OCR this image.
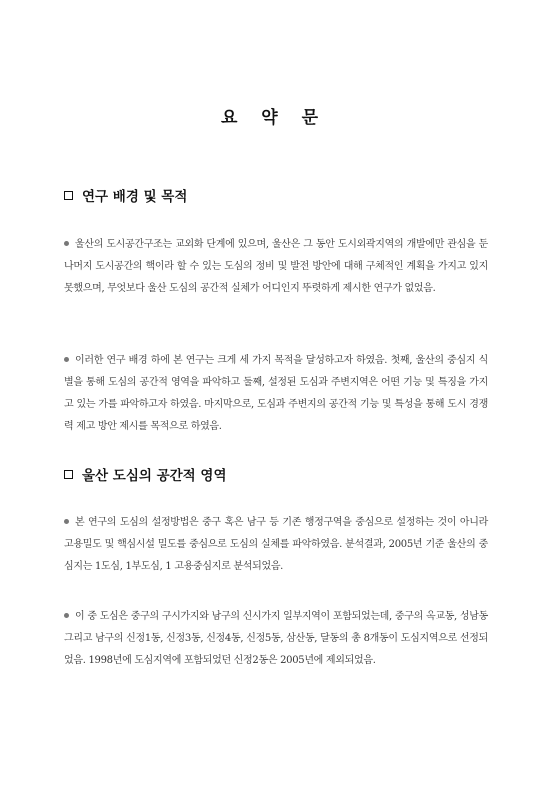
요 약 문
연구 배경 및 목적
울산의 도시공간구조는 교외화 단계에 있으며, 울산은 그 동안 도시외곽지역의 개발에만 관심을 둔 나머지 도시공간의 핵이라 할 수 있는 도심의 정비 및 발전 방안에 대해 구체적인 계획을 가지고 있지 못했으며, 무엇보다 울산 도심의 공간적 실체가 어디인지 뚜렷하게 제시한 연구가 없었음.
이러한 연구 배경 하에 본 연구는 크게 세 가지 목적을 달성하고자 하였음. 첫째, 울산의 중심지 식별을 통해 도심의 공간적 영역을 파악하고 둘째, 설정된 도심과 주변지역은 어떤 기능 및 특징을 가지고 있는 가를 파악하고자 하였음. 마지막으로, 도심과 주변지의 공간적 기능 및 특성을 통해 도시 경쟁력 제고 방안 제시를 목적으로 하였음.
울산 도심의 공간적 영역
본 연구의 도심의 설정방법은 중구 혹은 남구 등 기존 행정구역을 중심으로 설정하는 것이 아니라 고용밀도 및 핵심시설 밀도를 중심으로 도심의 실체를 파악하였음. 분석결과, 2005년 기준 울산의 중심지는 1도심, 1부도심, 1 고용중심지로 분석되었음.
이 중 도심은 중구의 구시가지와 남구의 신시가지 일부지역이 포함되었는데, 중구의 옥교동, 성남동 그리고 남구의 신정1동, 신정3동, 신정4동, 신정5동, 삼산동, 달동의 총 8개동이 도심지역으로 선정되었음. 1998년에 도심지역에 포함되었던 신정2동은 2005년에 제외되었음.
